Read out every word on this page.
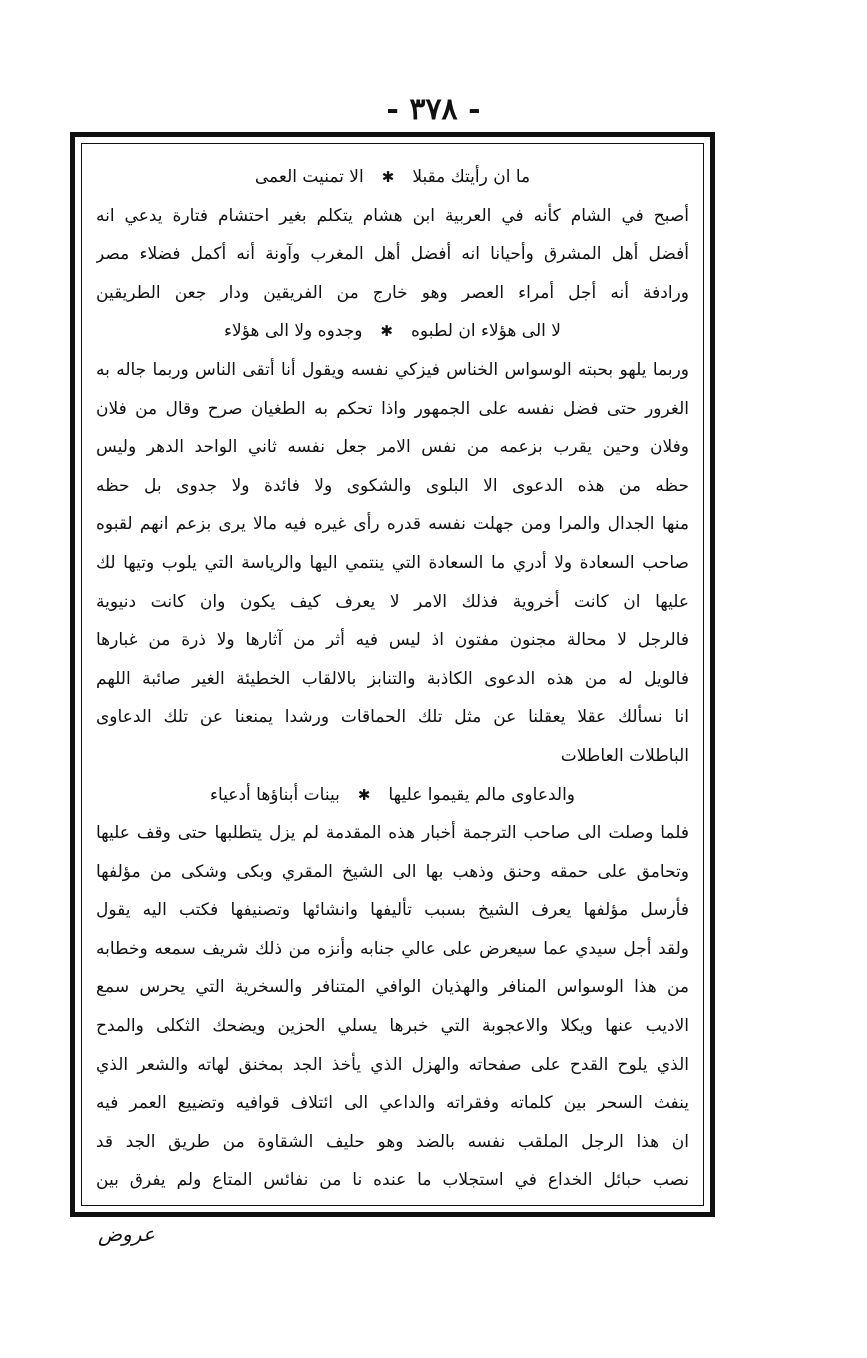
- ٣٧٨ -
ما ان رأيتك مقبلا
✱
الا تمنيت العمى
أصبح في الشام كأنه في العربية ابن هشام يتكلم بغير احتشام فتارة يدعي انه
أفضل أهل المشرق وأحيانا انه أفضل أهل المغرب وآونة أنه أكمل فضلاء مصر
ورادفة أنه أجل أمراء العصر وهو خارج من الفريقين ودار جعن الطريقين
لا الى هؤلاء ان لطبوه
✱
وجدوه ولا الى هؤلاء
وربما يلهو بحبته الوسواس الخناس فيزكي نفسه ويقول أنا أتقى الناس وربما جاله به
الغرور حتى فضل نفسه على الجمهور واذا تحكم به الطغيان صرح وقال من فلان
وفلان وحين يقرب بزعمه من نفس الامر جعل نفسه ثاني الواحد الدهر وليس
حظه من هذه الدعوى الا البلوى والشكوى ولا فائدة ولا جدوى بل حظه
منها الجدال والمرا ومن جهلت نفسه قدره رأى غيره فيه مالا يرى بزعم انهم لقبوه
صاحب السعادة ولا أدري ما السعادة التي ينتمي اليها والرياسة التي يلوب وتيها لك
عليها ان كانت أخروية فذلك الامر لا يعرف كيف يكون وان كانت دنيوية
فالرجل لا محالة مجنون مفتون اذ ليس فيه أثر من آثارها ولا ذرة من غبارها
فالويل له من هذه الدعوى الكاذبة والتنابز بالالقاب الخطيئة الغير صائبة اللهم
انا نسألك عقلا يعقلنا عن مثل تلك الحماقات ورشدا يمنعنا عن تلك الدعاوى
الباطلات العاطلات
والدعاوى مالم يقيموا عليها
✱
بينات أبناؤها أدعياء
فلما وصلت الى صاحب الترجمة أخبار هذه المقدمة لم يزل يتطلبها حتى وقف عليها
وتحامق على حمقه وحنق وذهب بها الى الشيخ المقري وبكى وشكى من مؤلفها
فأرسل مؤلفها يعرف الشيخ بسبب تأليفها وانشائها وتصنيفها فكتب اليه يقول
ولقد أجل سيدي عما سيعرض على عالي جنابه وأنزه من ذلك شريف سمعه وخطابه
من هذا الوسواس المنافر والهذيان الوافي المتنافر والسخرية التي يحرس سمع
الاديب عنها ويكلا والاعجوبة التي خبرها يسلي الحزين ويضحك الثكلى والمدح
الذي يلوح القدح على صفحاته والهزل الذي يأخذ الجد بمخنق لهاته والشعر الذي
ينفث السحر بين كلماته وفقراته والداعي الى ائتلاف قوافيه وتضييع العمر فيه
ان هذا الرجل الملقب نفسه بالضد وهو حليف الشقاوة من طريق الجد قد
نصب حبائل الخداع في استجلاب ما عنده نا من نفائس المتاع ولم يفرق بين
عروض
